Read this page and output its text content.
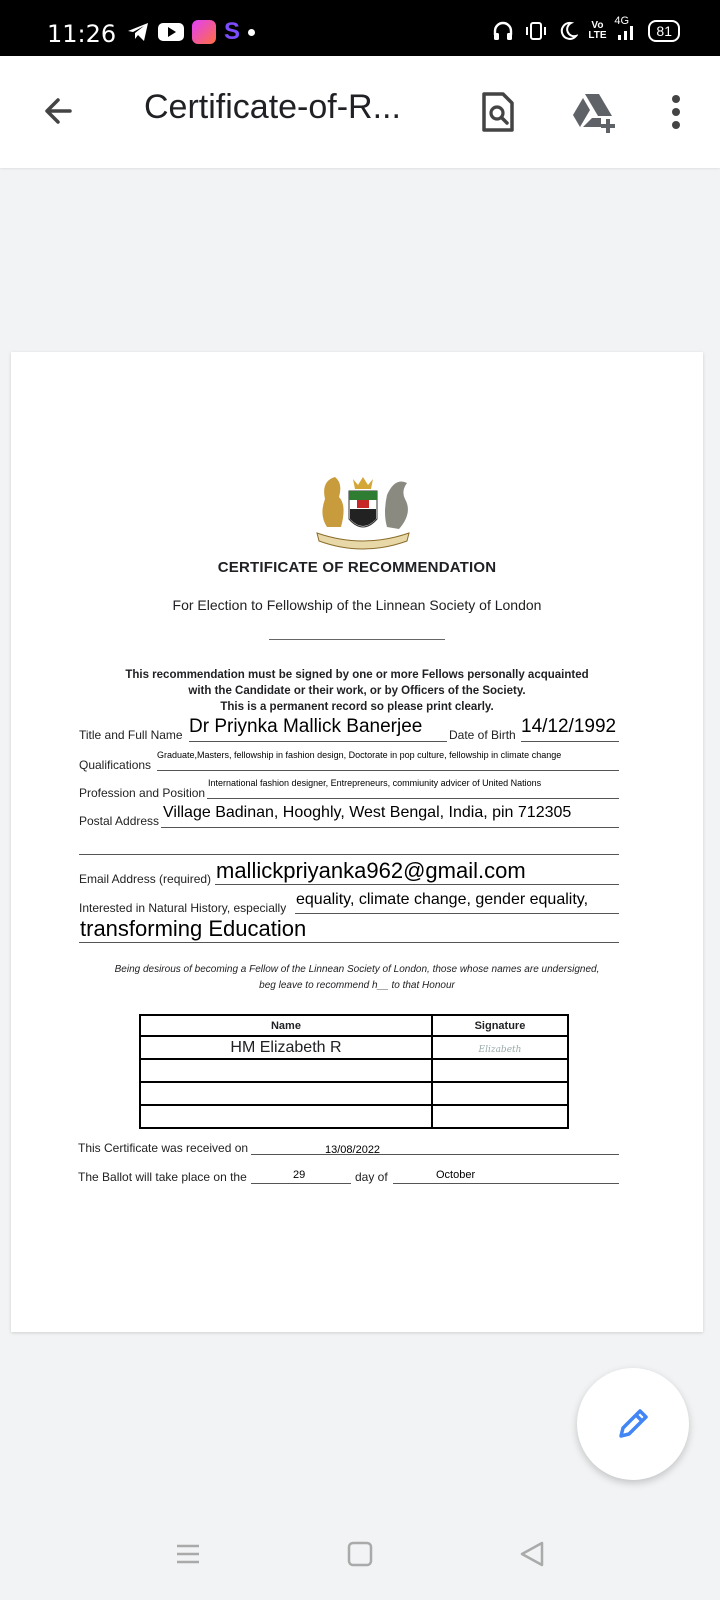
11:26	S	Vo LTE
4G
81
Certificate-of-R...
CERTIFICATE OF RECOMMENDATION
For Election to Fellowship of the Linnean Society of London
This recommendation must be signed by one or more Fellows personally acquainted
with the Candidate or their work, or by Officers of the Society.
This is a permanent record so please print clearly.
Title and Full Name Dr Priynka Mallick Banerjee Date of Birth 14/12/1992
Qualifications
Graduate,Masters, fellowship in fashion design, Doctorate in pop culture, fellowship in climate change
Profession and Position
International fashion designer, Entrepreneurs, commiunity advicer of United Nations
Postal Address Village Badinan, Hooghly, West Bengal, India, pin 712305
Email Address (required) mallickpriyanka962@gmail.com
Interested in Natural History, especially equality, climate change, gender equality,
transforming Education
Being desirous of becoming a Fellow of the Linnean Society of London, those whose names are undersigned,
beg leave to recommend h__ to that Honour
Name	Signature
HM Elizabeth R	Elizabeth

This Certificate was received on	13/08/2022
The Ballot will take place on the	29	day of	October
